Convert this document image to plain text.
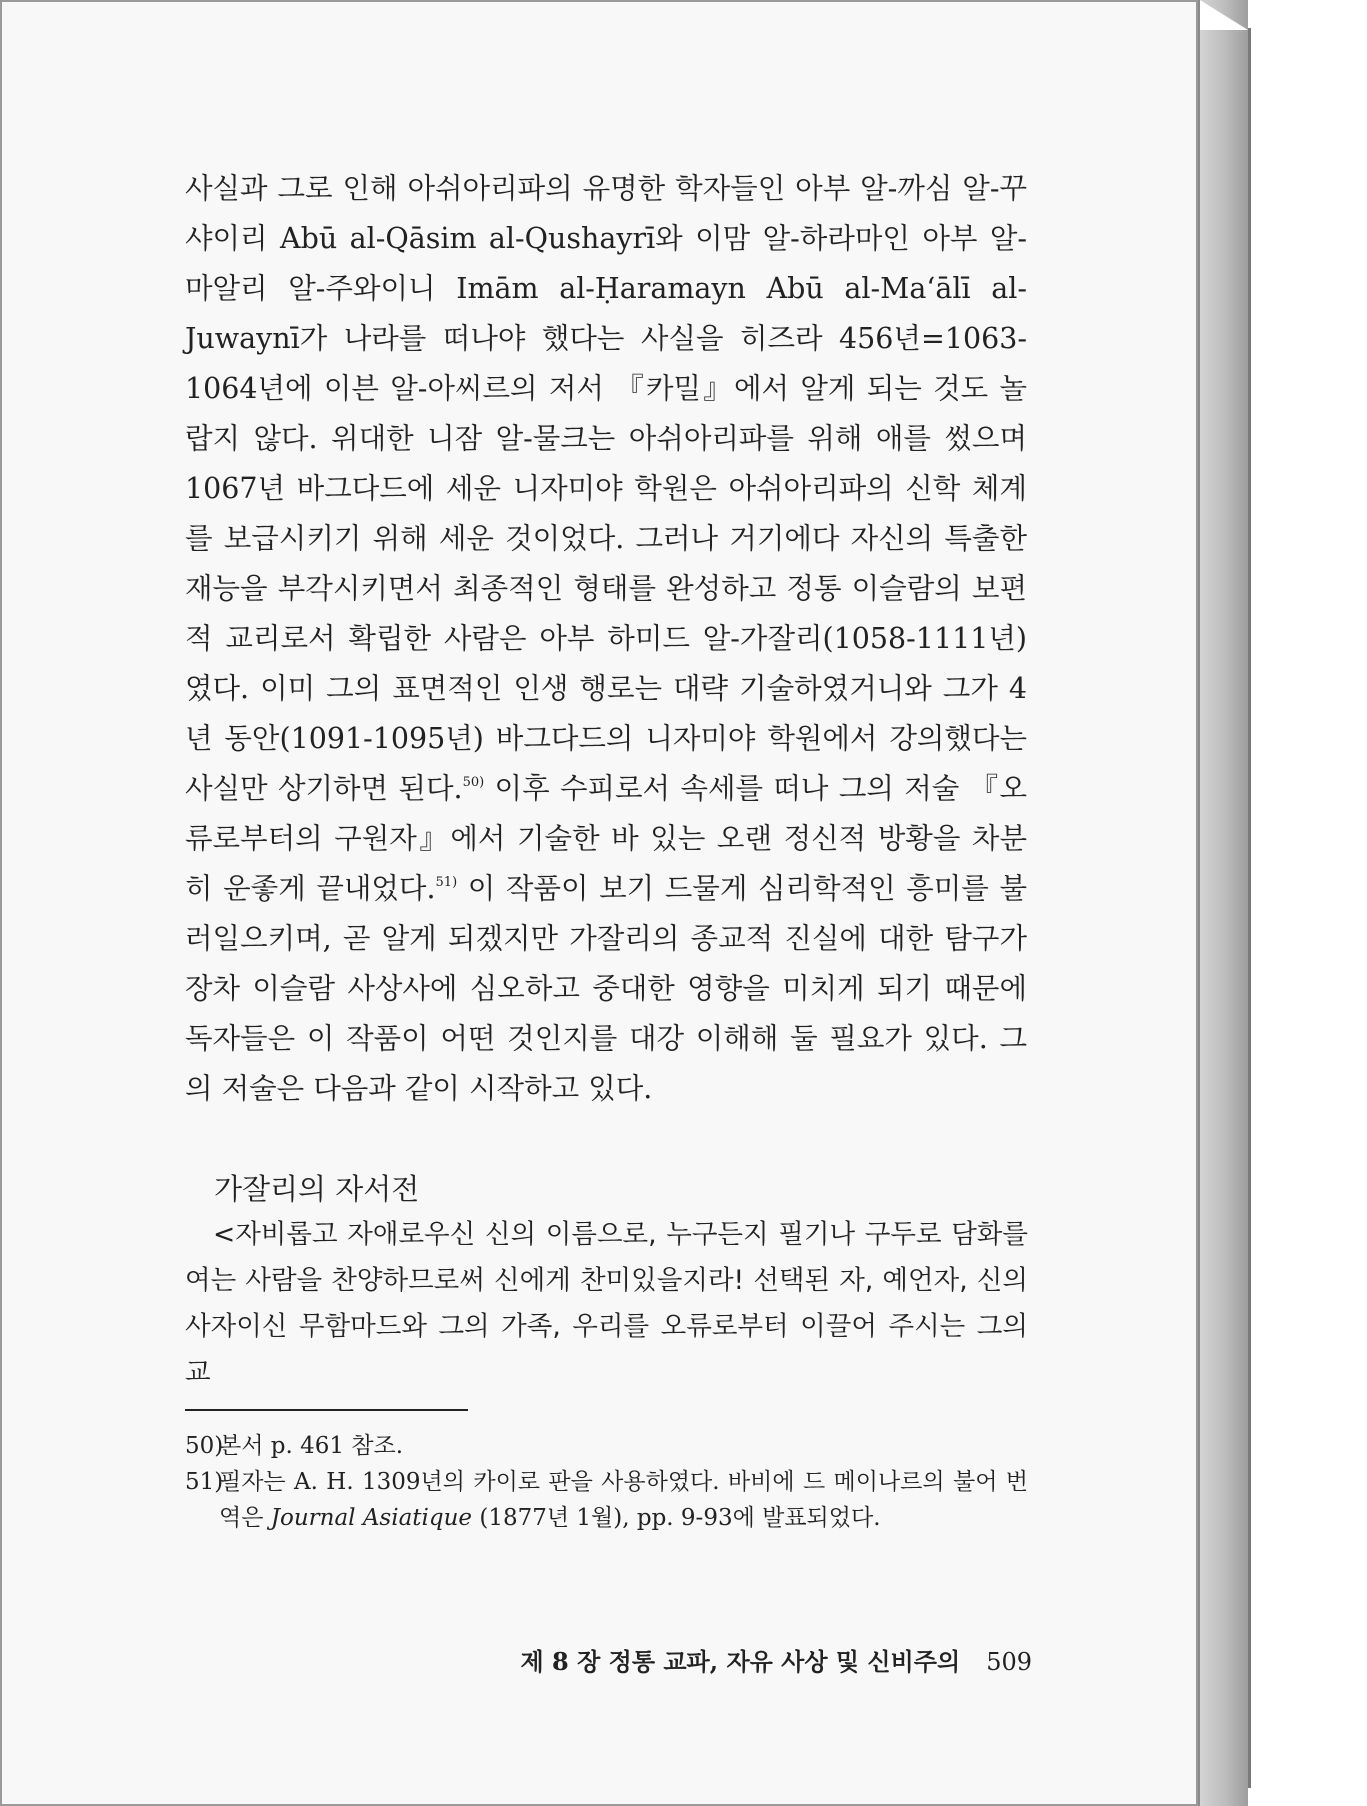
사실과 그로 인해 아쉬아리파의 유명한 학자들인 아부 알-까심 알-꾸샤이리 Abū al-Qāsim al-Qushayrī와 이맘 알-하라마인 아부 알-마알리 알-주와이니 Imām al-Ḥaramayn Abū al-Maʻālī al-Juwaynī가 나라를 떠나야 했다는 사실을 히즈라 456년=1063-1064년에 이븐 알-아씨르의 저서 『카밀』에서 알게 되는 것도 놀랍지 않다. 위대한 니잠 알-물크는 아쉬아리파를 위해 애를 썼으며 1067년 바그다드에 세운 니자미야 학원은 아쉬아리파의 신학 체계를 보급시키기 위해 세운 것이었다. 그러나 거기에다 자신의 특출한 재능을 부각시키면서 최종적인 형태를 완성하고 정통 이슬람의 보편적 교리로서 확립한 사람은 아부 하미드 알-가잘리(1058-1111년)였다. 이미 그의 표면적인 인생 행로는 대략 기술하였거니와 그가 4년 동안(1091-1095년) 바그다드의 니자미야 학원에서 강의했다는 사실만 상기하면 된다.$^{50)}$ 이후 수피로서 속세를 떠나 그의 저술 『오류로부터의 구원자』에서 기술한 바 있는 오랜 정신적 방황을 차분히 운좋게 끝내었다.$^{51)}$ 이 작품이 보기 드물게 심리학적인 흥미를 불러일으키며, 곧 알게 되겠지만 가잘리의 종교적 진실에 대한 탐구가 장차 이슬람 사상사에 심오하고 중대한 영향을 미치게 되기 때문에 독자들은 이 작품이 어떤 것인지를 대강 이해해 둘 필요가 있다. 그의 저술은 다음과 같이 시작하고 있다.

가잘리의 자서전

<자비롭고 자애로우신 신의 이름으로, 누구든지 필기나 구두로 담화를 여는 사람을 찬양하므로써 신에게 찬미있을지라! 선택된 자, 예언자, 신의 사자이신 무함마드와 그의 가족, 우리를 오류로부터 이끌어 주시는 그의 교

50)
본서 p. 461 참조.
51)
필자는 A. H. 1309년의 카이로 판을 사용하였다. 바비에 드 메이나르의 불어 번역은 Journal Asiatique (1877년 1월), pp. 9-93에 발표되었다.
제 8 장 정통 교파, 자유 사상 및 신비주의 509
